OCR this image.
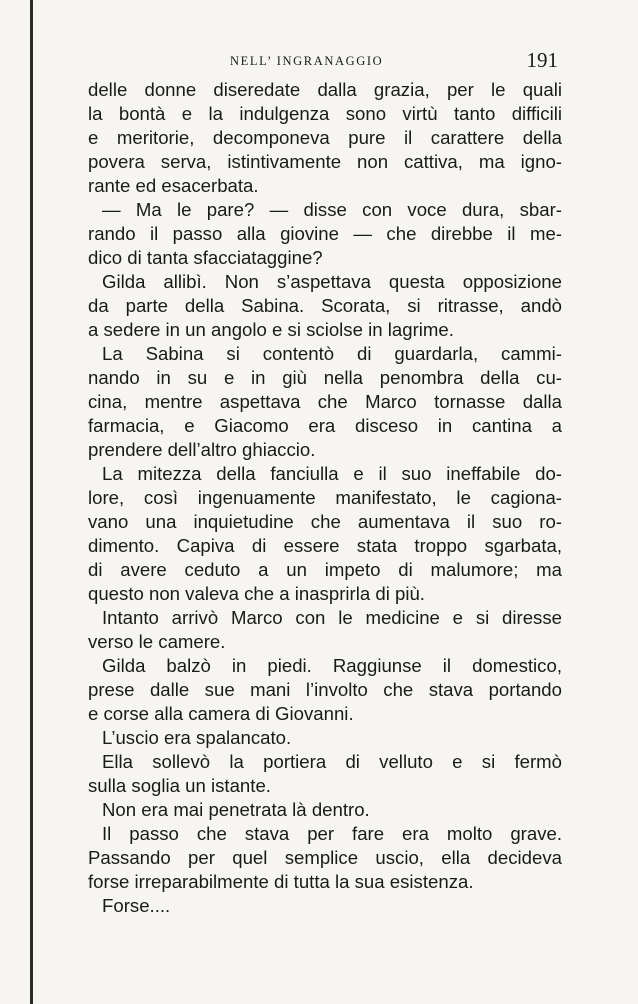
NELL’ INGRANAGGIO	191
delle donne diseredate dalla grazia, per le quali
la bontà e la indulgenza sono virtù tanto difficili
e meritorie, decomponeva pure il carattere della
povera serva, istintivamente non cattiva, ma igno-
rante ed esacerbata.
— Ma le pare? — disse con voce dura, sbar-
rando il passo alla giovine — che direbbe il me-
dico di tanta sfacciataggine?
Gilda allibì. Non s’aspettava questa opposizione
da parte della Sabina. Scorata, si ritrasse, andò
a sedere in un angolo e si sciolse in lagrime.
La Sabina si contentò di guardarla, cammi-
nando in su e in giù nella penombra della cu-
cina, mentre aspettava che Marco tornasse dalla
farmacia, e Giacomo era disceso in cantina a
prendere dell’altro ghiaccio.
La mitezza della fanciulla e il suo ineffabile do-
lore, così ingenuamente manifestato, le cagiona-
vano una inquietudine che aumentava il suo ro-
dimento. Capiva di essere stata troppo sgarbata,
di avere ceduto a un impeto di malumore; ma
questo non valeva che a inasprirla di più.
Intanto arrivò Marco con le medicine e si diresse
verso le camere.
Gilda balzò in piedi. Raggiunse il domestico,
prese dalle sue mani l’involto che stava portando
e corse alla camera di Giovanni.
L’uscio era spalancato.
Ella sollevò la portiera di velluto e si fermò
sulla soglia un istante.
Non era mai penetrata là dentro.
Il passo che stava per fare era molto grave.
Passando per quel semplice uscio, ella decideva
forse irreparabilmente di tutta la sua esistenza.
Forse....
